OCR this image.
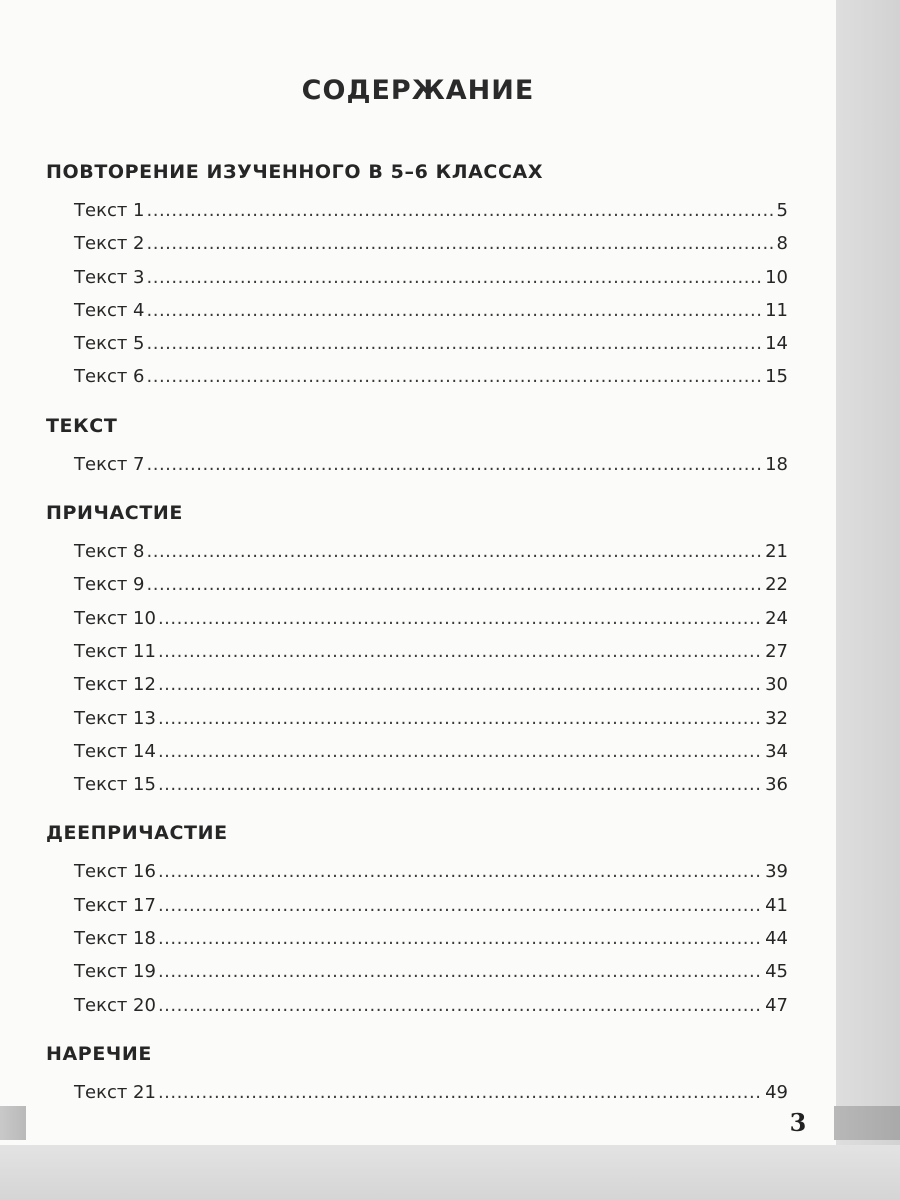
СОДЕРЖАНИЕ
ПОВТОРЕНИЕ ИЗУЧЕННОГО В 5–6 КЛАССАХ
Текст 1 .....	5
Текст 2 .....	8
Текст 3 .....	10
Текст 4 .....	11
Текст 5 .....	14
Текст 6 .....	15
ТЕКСТ
Текст 7 .....	18
ПРИЧАСТИЕ
Текст 8 .....	21
Текст 9 .....	22
Текст 10 .....	24
Текст 11 .....	27
Текст 12 .....	30
Текст 13 .....	32
Текст 14 .....	34
Текст 15 .....	36
ДЕЕПРИЧАСТИЕ
Текст 16 .....	39
Текст 17 .....	41
Текст 18 .....	44
Текст 19 .....	45
Текст 20 .....	47
НАРЕЧИЕ
Текст 21 .....	49
3
